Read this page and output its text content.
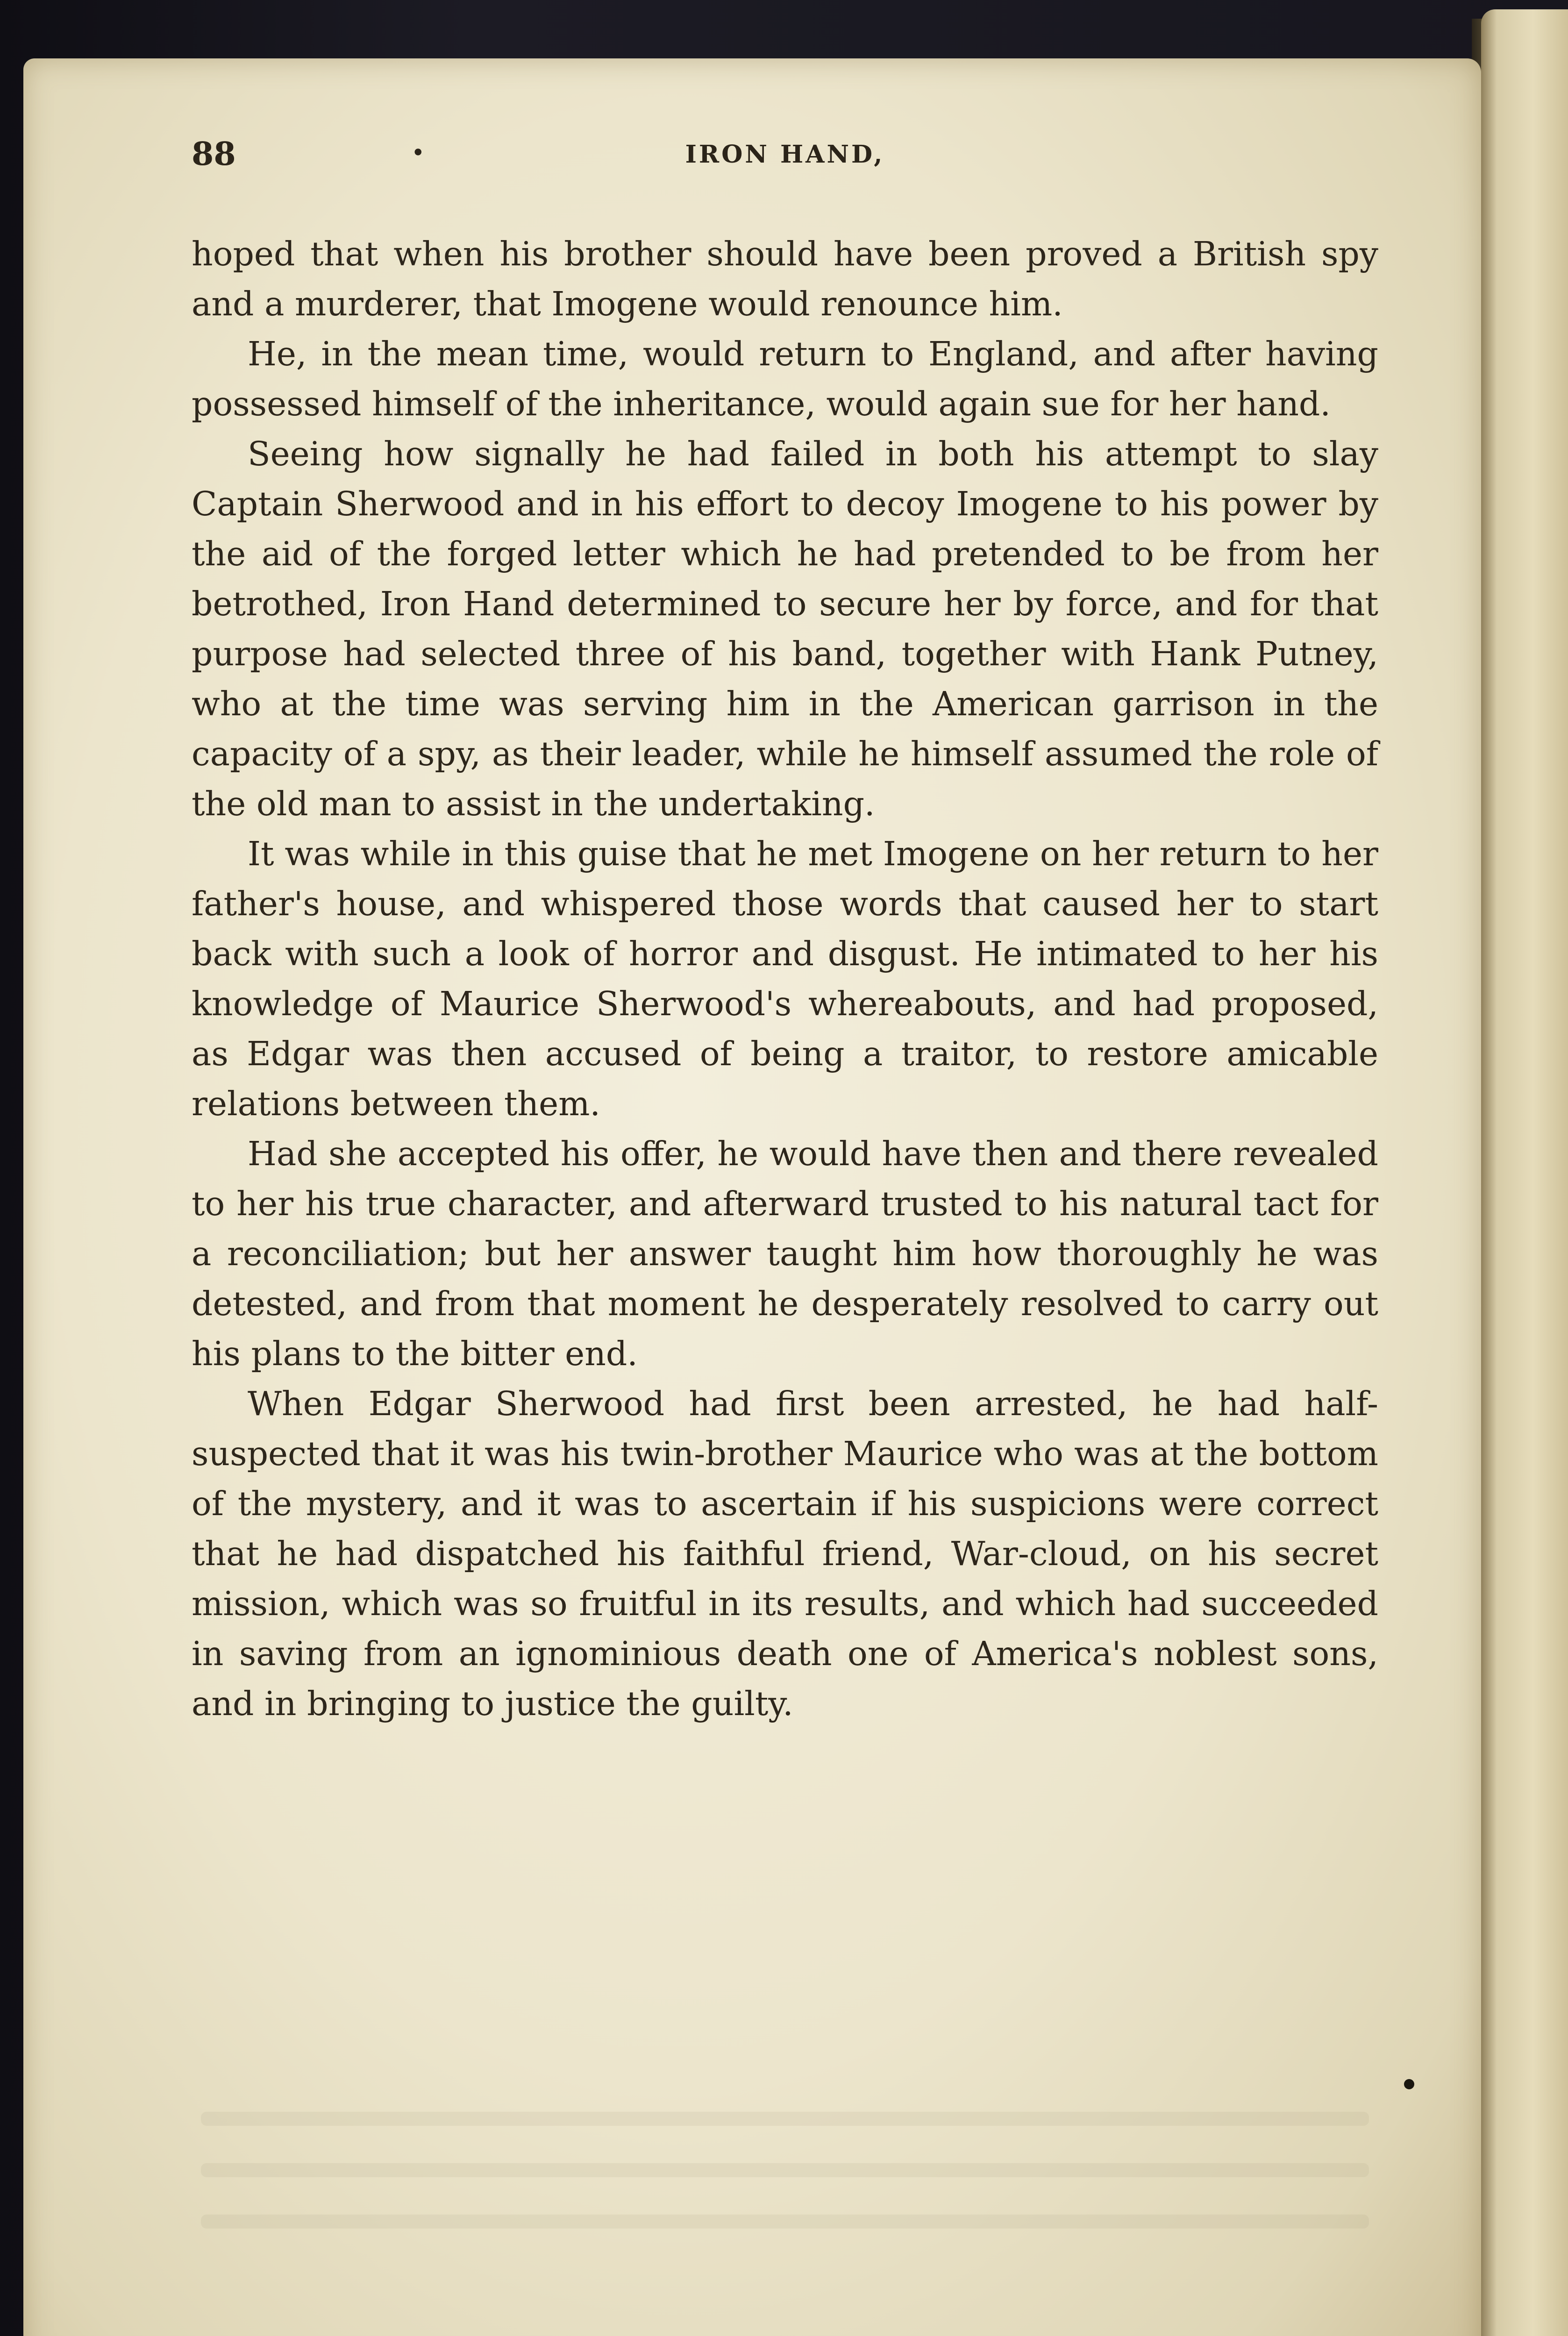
88	•	IRON HAND,

hoped that when his brother should have been proved a British spy and a murderer, that Imogene would renounce him.

He, in the mean time, would return to England, and after having possessed himself of the inheritance, would again sue for her hand.

Seeing how signally he had failed in both his attempt to slay Captain Sherwood and in his effort to decoy Imogene to his power by the aid of the forged letter which he had pretended to be from her betrothed, Iron Hand determined to secure her by force, and for that purpose had selected three of his band, together with Hank Putney, who at the time was serving him in the American garrison in the capacity of a spy, as their leader, while he himself assumed the role of the old man to assist in the undertaking.

It was while in this guise that he met Imogene on her return to her father's house, and whispered those words that caused her to start back with such a look of horror and disgust. He intimated to her his knowledge of Maurice Sherwood's whereabouts, and had proposed, as Edgar was then accused of being a traitor, to restore amicable relations between them.

Had she accepted his offer, he would have then and there revealed to her his true character, and afterward trusted to his natural tact for a reconciliation; but her answer taught him how thoroughly he was detested, and from that moment he desperately resolved to carry out his plans to the bitter end.

When Edgar Sherwood had first been arrested, he had half-suspected that it was his twin-brother Maurice who was at the bottom of the mystery, and it was to ascertain if his suspicions were correct that he had dispatched his faithful friend, War-cloud, on his secret mission, which was so fruitful in its results, and which had succeeded in saving from an ignominious death one of America's noblest sons, and in bringing to justice the guilty.
